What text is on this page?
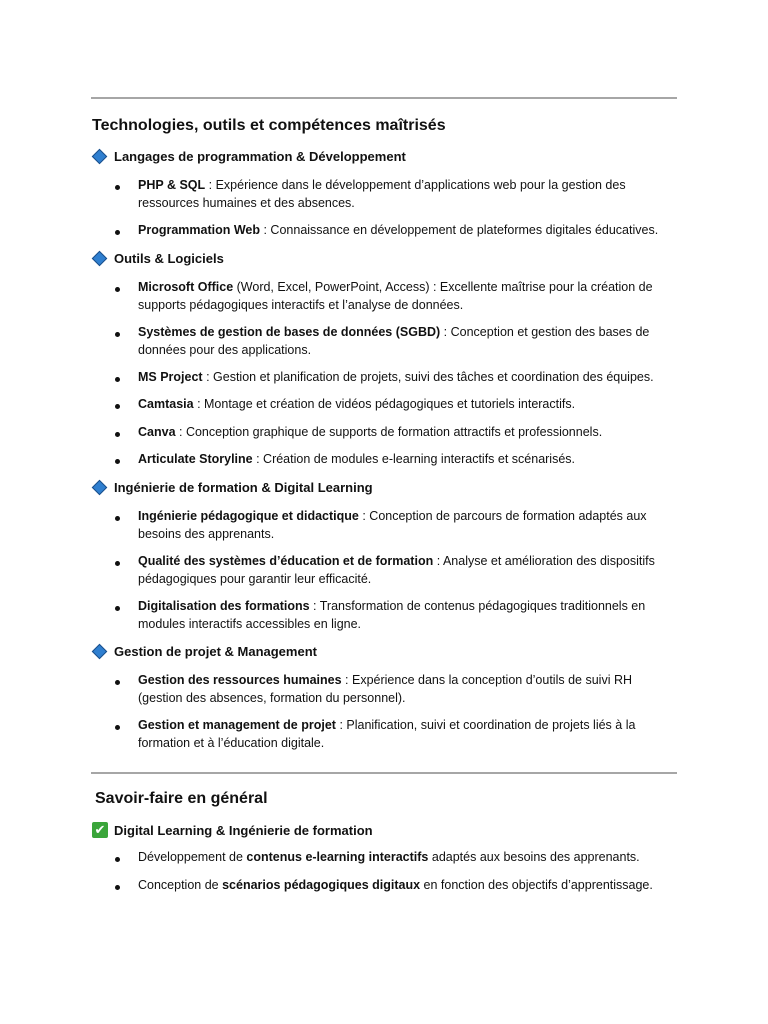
Technologies, outils et compétences maîtrisés
Langages de programmation & Développement
PHP & SQL : Expérience dans le développement d’applications web pour la gestion des ressources humaines et des absences.
Programmation Web : Connaissance en développement de plateformes digitales éducatives.
Outils & Logiciels
Microsoft Office (Word, Excel, PowerPoint, Access) : Excellente maîtrise pour la création de supports pédagogiques interactifs et l’analyse de données.
Systèmes de gestion de bases de données (SGBD) : Conception et gestion des bases de données pour des applications.
MS Project : Gestion et planification de projets, suivi des tâches et coordination des équipes.
Camtasia : Montage et création de vidéos pédagogiques et tutoriels interactifs.
Canva : Conception graphique de supports de formation attractifs et professionnels.
Articulate Storyline : Création de modules e-learning interactifs et scénarisés.
Ingénierie de formation & Digital Learning
Ingénierie pédagogique et didactique : Conception de parcours de formation adaptés aux besoins des apprenants.
Qualité des systèmes d’éducation et de formation : Analyse et amélioration des dispositifs pédagogiques pour garantir leur efficacité.
Digitalisation des formations : Transformation de contenus pédagogiques traditionnels en modules interactifs accessibles en ligne.
Gestion de projet & Management
Gestion des ressources humaines : Expérience dans la conception d’outils de suivi RH (gestion des absences, formation du personnel).
Gestion et management de projet : Planification, suivi et coordination de projets liés à la formation et à l’éducation digitale.
Savoir-faire en général
✔ Digital Learning & Ingénierie de formation
Développement de contenus e-learning interactifs adaptés aux besoins des apprenants.
Conception de scénarios pédagogiques digitaux en fonction des objectifs d’apprentissage.
